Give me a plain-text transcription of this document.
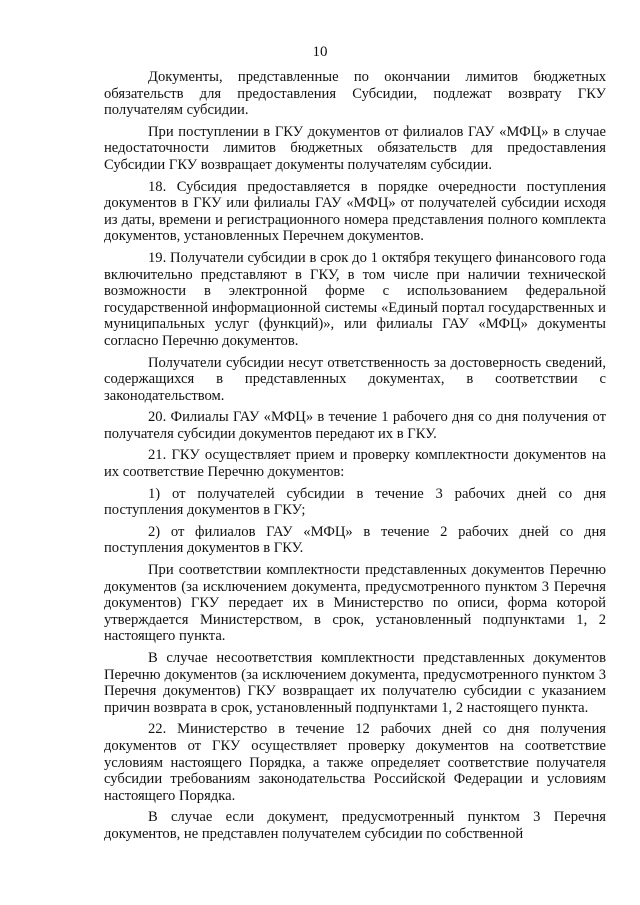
10

Документы, представленные по окончании лимитов бюджетных обязательств для предоставления Субсидии, подлежат возврату ГКУ получателям субсидии.

При поступлении в ГКУ документов от филиалов ГАУ «МФЦ» в случае недостаточности лимитов бюджетных обязательств для предоставления Субсидии ГКУ возвращает документы получателям субсидии.

18. Субсидия предоставляется в порядке очередности поступления документов в ГКУ или филиалы ГАУ «МФЦ» от получателей субсидии исходя из даты, времени и регистрационного номера представления полного комплекта документов, установленных Перечнем документов.

19. Получатели субсидии в срок до 1 октября текущего финансового года включительно представляют в ГКУ, в том числе при наличии технической возможности в электронной форме с использованием федеральной государственной информационной системы «Единый портал государственных и муниципальных услуг (функций)», или филиалы ГАУ «МФЦ» документы согласно Перечню документов.

Получатели субсидии несут ответственность за достоверность сведений, содержащихся в представленных документах, в соответствии с законодательством.

20. Филиалы ГАУ «МФЦ» в течение 1 рабочего дня со дня получения от получателя субсидии документов передают их в ГКУ.

21. ГКУ осуществляет прием и проверку комплектности документов на их соответствие Перечню документов:

1) от получателей субсидии в течение 3 рабочих дней со дня поступления документов в ГКУ;

2) от филиалов ГАУ «МФЦ» в течение 2 рабочих дней со дня поступления документов в ГКУ.

При соответствии комплектности представленных документов Перечню документов (за исключением документа, предусмотренного пунктом 3 Перечня документов) ГКУ передает их в Министерство по описи, форма которой утверждается Министерством, в срок, установленный подпунктами 1, 2 настоящего пункта.

В случае несоответствия комплектности представленных документов Перечню документов (за исключением документа, предусмотренного пунктом 3 Перечня документов) ГКУ возвращает их получателю субсидии с указанием причин возврата в срок, установленный подпунктами 1, 2 настоящего пункта.

22. Министерство в течение 12 рабочих дней со дня получения документов от ГКУ осуществляет проверку документов на соответствие условиям настоящего Порядка, а также определяет соответствие получателя субсидии требованиям законодательства Российской Федерации и условиям настоящего Порядка.

В случае если документ, предусмотренный пунктом 3 Перечня документов, не представлен получателем субсидии по собственной
